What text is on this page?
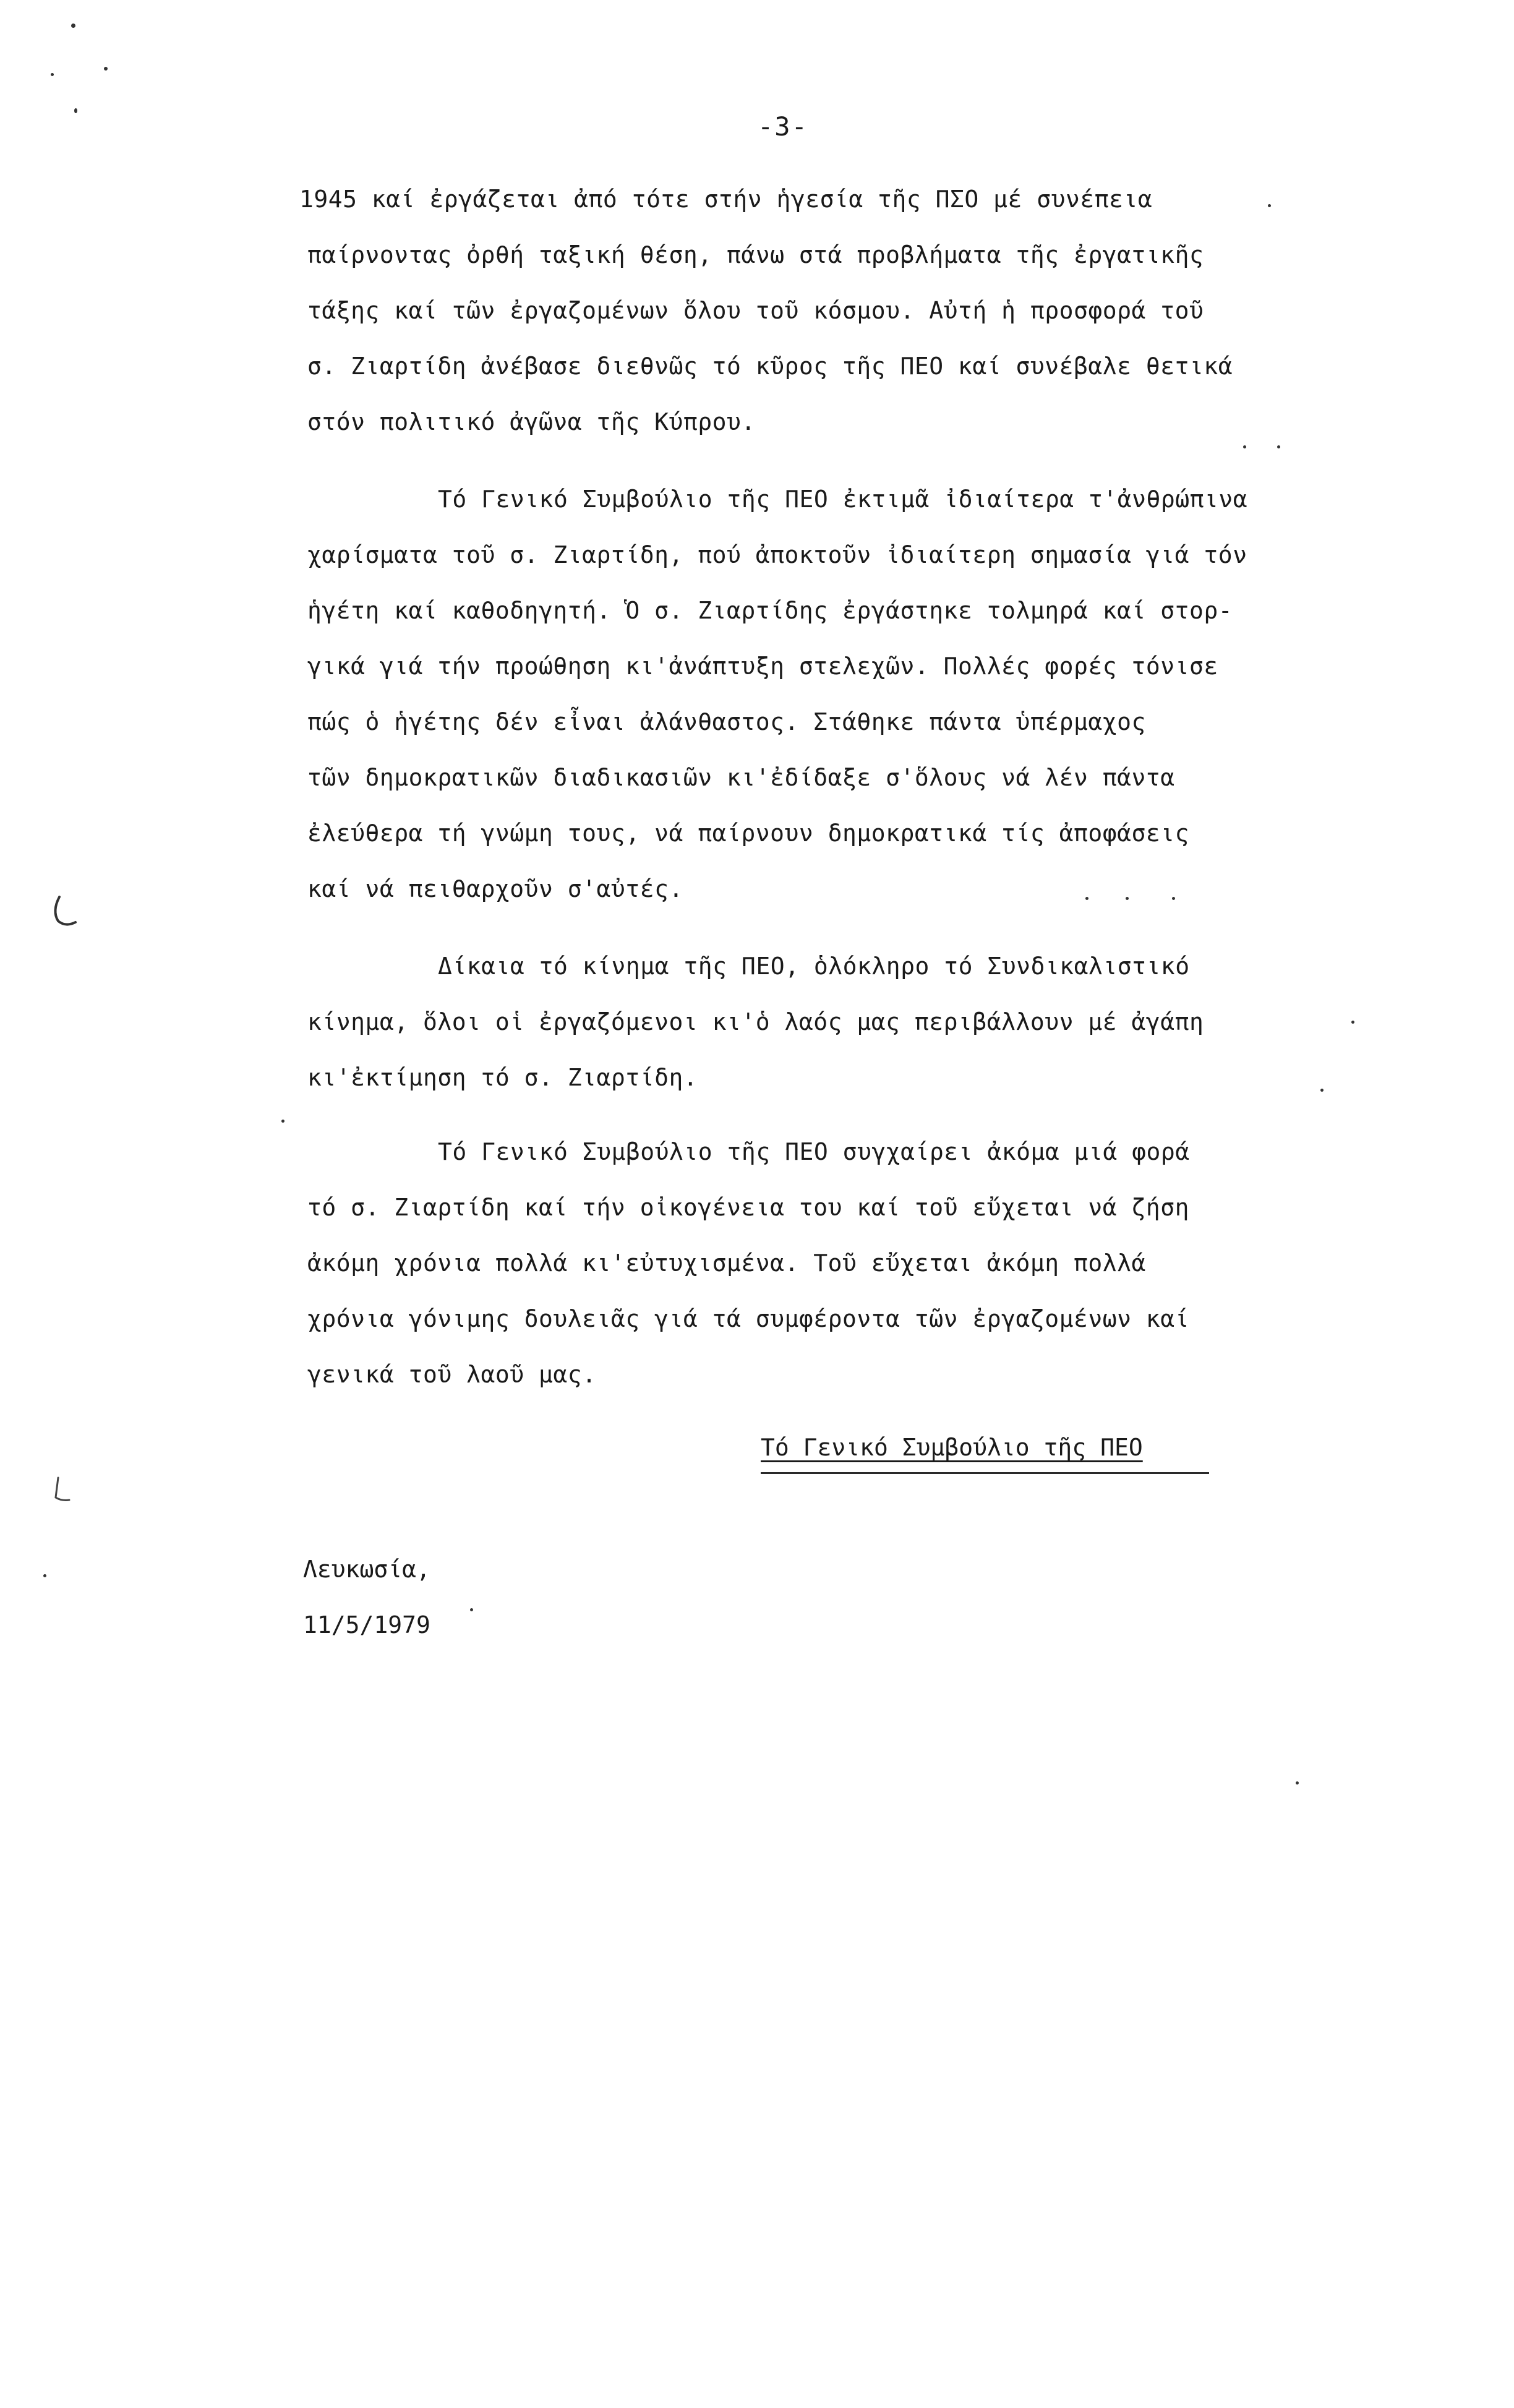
-3-
1945 καί ἐργάζεται ἀπό τότε στήν ἡγεσία τῆς ΠΣΟ μέ συνέπεια
παίρνοντας ὀρθή ταξική θέση, πάνω στά προβλήματα τῆς ἐργατικῆς
τάξης καί τῶν ἐργαζομένων ὅλου τοῦ κόσμου. Αὐτή ἡ προσφορά τοῦ
σ. Ζιαρτίδη ἀνέβασε διεθνῶς τό κῦρος τῆς ΠΕΟ καί συνέβαλε θετικά
στόν πολιτικό ἀγῶνα τῆς Κύπρου.
Τό Γενικό Συμβούλιο τῆς ΠΕΟ ἐκτιμᾶ ἰδιαίτερα τ'ἀνθρώπινα
χαρίσματα τοῦ σ. Ζιαρτίδη, πού ἀποκτοῦν ἰδιαίτερη σημασία γιά τόν
ἡγέτη καί καθοδηγητή. Ὁ σ. Ζιαρτίδης ἐργάστηκε τολμηρά καί στορ-
γικά γιά τήν προώθηση κι'ἀνάπτυξη στελεχῶν. Πολλές φορές τόνισε
πώς ὁ ἡγέτης δέν εἶναι ἀλάνθαστος. Στάθηκε πάντα ὑπέρμαχος
τῶν δημοκρατικῶν διαδικασιῶν κι'ἐδίδαξε σ'ὅλους νά λέν πάντα
ἐλεύθερα τή γνώμη τους, νά παίρνουν δημοκρατικά τίς ἀποφάσεις
καί νά πειθαρχοῦν σ'αὐτές.
Δίκαια τό κίνημα τῆς ΠΕΟ, ὁλόκληρο τό Συνδικαλιστικό
κίνημα, ὅλοι οἱ ἐργαζόμενοι κι'ὁ λαός μας περιβάλλουν μέ ἀγάπη
κι'ἐκτίμηση τό σ. Ζιαρτίδη.
Τό Γενικό Συμβούλιο τῆς ΠΕΟ συγχαίρει ἀκόμα μιά φορά
τό σ. Ζιαρτίδη καί τήν οἰκογένεια του καί τοῦ εὔχεται νά ζήση
ἀκόμη χρόνια πολλά κι'εὐτυχισμένα. Τοῦ εὔχεται ἀκόμη πολλά
χρόνια γόνιμης δουλειᾶς γιά τά συμφέροντα τῶν ἐργαζομένων καί
γενικά τοῦ λαοῦ μας.
Τό Γενικό Συμβούλιο τῆς ΠΕΟ
Λευκωσία,
11/5/1979
